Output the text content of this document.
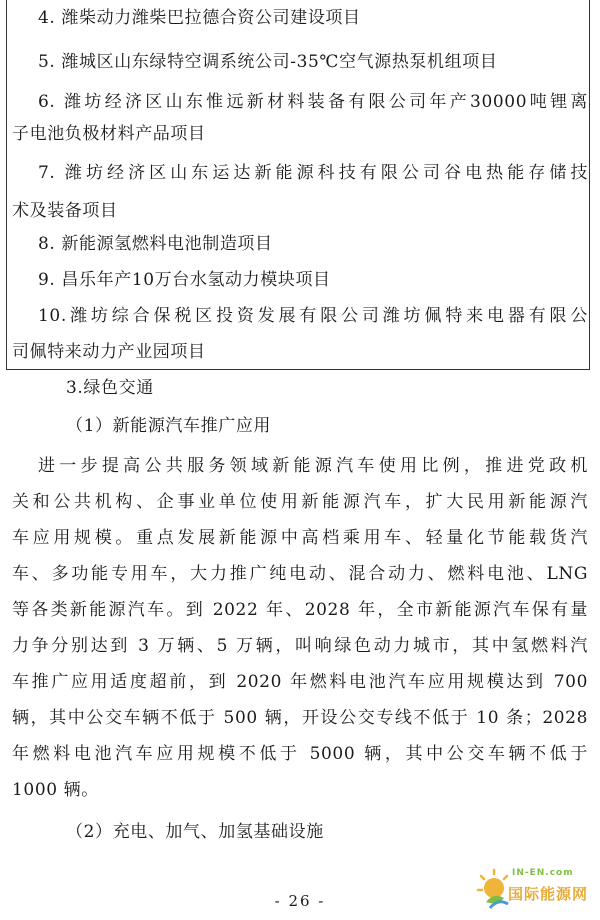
4. 潍柴动力潍柴巴拉德合资公司建设项目
5. 潍城区山东绿特空调系统公司-35℃空气源热泵机组项目
6. 潍坊经济区山东惟远新材料装备有限公司年产30000吨锂离
子电池负极材料产品项目
7. 潍坊经济区山东运达新能源科技有限公司谷电热能存储技
术及装备项目
8. 新能源氢燃料电池制造项目
9. 昌乐年产10万台水氢动力模块项目
10.潍坊综合保税区投资发展有限公司潍坊佩特来电器有限公
司佩特来动力产业园项目
3.绿色交通
（1）新能源汽车推广应用
进一步提高公共服务领域新能源汽车使用比例，推进党政机
关和公共机构、企事业单位使用新能源汽车，扩大民用新能源汽
车应用规模。重点发展新能源中高档乘用车、轻量化节能载货汽
车、多功能专用车，大力推广纯电动、混合动力、燃料电池、LNG
等各类新能源汽车。到 2022 年、2028 年，全市新能源汽车保有量
力争分别达到 3 万辆、5 万辆，叫响绿色动力城市，其中氢燃料汽
车推广应用适度超前，到 2020 年燃料电池汽车应用规模达到 700
辆，其中公交车辆不低于 500 辆，开设公交专线不低于 10 条；2028
年燃料电池汽车应用规模不低于 5000 辆，其中公交车辆不低于
1000 辆。
（2）充电、加气、加氢基础设施
- 26 -
IN-EN.com
国际能源网
